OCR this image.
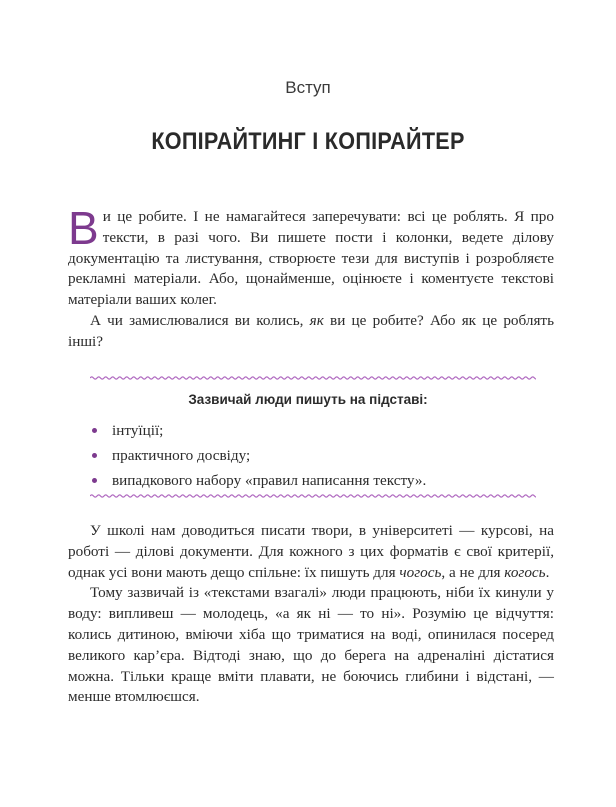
Вступ
КОПІРАЙТИНГ І КОПІРАЙТЕР

Ви це робите. І не намагайтеся заперечувати: всі це роблять. Я про тексти, в разі чого. Ви пишете пости і колонки, ведете ділову документацію та листування, створюєте тези для виступів і розробляєте рекламні матеріали. Або, щонайменше, оцінюєте і коментуєте текстові матеріали ваших колег.

А чи замислювалися ви колись, як ви це робите? Або як це роблять інші?

Зазвичай люди пишуть на підставі:
інтуїції;
практичного досвіду;
випадкового набору «правил написання тексту».

У школі нам доводиться писати твори, в університеті — курсові, на роботі — ділові документи. Для кожного з цих форматів є свої критерії, однак усі вони мають дещо спільне: їх пишуть для чогось, а не для когось.

Тому зазвичай із «текстами взагалі» люди працюють, ніби їх кинули у воду: випливеш — молодець, «а як ні — то ні». Розумію це відчуття: колись дитиною, вміючи хіба що триматися на воді, опинилася посеред великого кар’єра. Відтоді знаю, що до берега на адреналіні дістатися можна. Тільки краще вміти плавати, не боючись глибини і відстані, — менше втомлюєшся.
